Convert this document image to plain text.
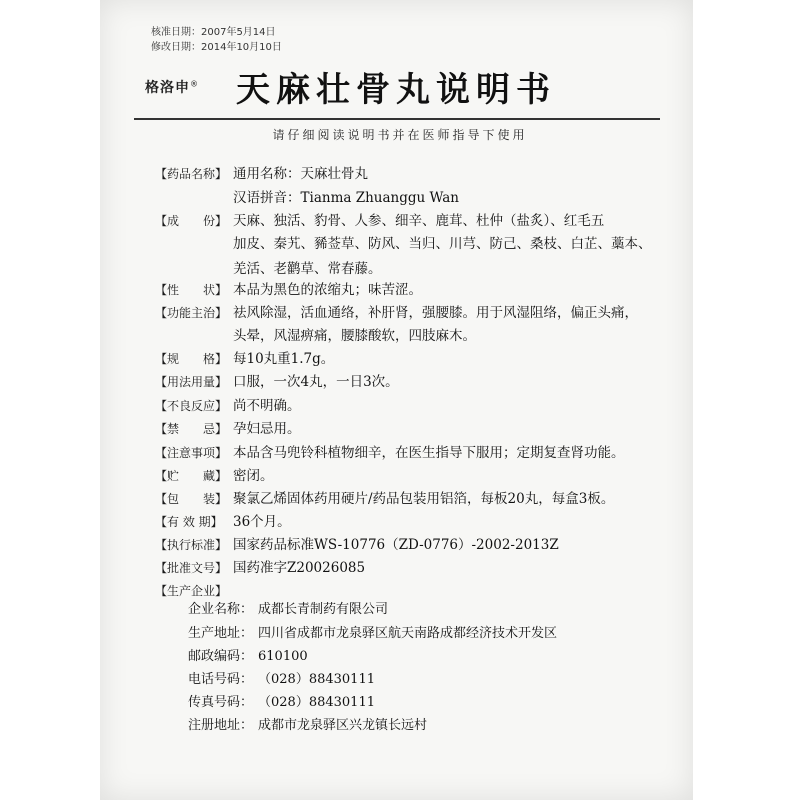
核准日期：2007年5月14日
修改日期：2014年10月10日
格洛申® 天麻壮骨丸说明书
请仔细阅读说明书并在医师指导下使用
【药品名称】 通用名称：天麻壮骨丸
汉语拼音：Tianma Zhuanggu Wan
【成　　份】 天麻、独活、豹骨、人参、细辛、鹿茸、杜仲（盐炙）、红毛五
加皮、秦艽、豨莶草、防风、当归、川芎、防己、桑枝、白芷、藁本、
羌活、老鹳草、常春藤。
【性　　状】 本品为黑色的浓缩丸；味苦涩。
【功能主治】 祛风除湿，活血通络，补肝肾，强腰膝。用于风湿阻络，偏正头痛，
头晕，风湿痹痛，腰膝酸软，四肢麻木。
【规　　格】 每10丸重1.7g。
【用法用量】 口服，一次4丸，一日3次。
【不良反应】 尚不明确。
【禁　　忌】 孕妇忌用。
【注意事项】 本品含马兜铃科植物细辛，在医生指导下服用；定期复查肾功能。
【贮　　藏】 密闭。
【包　　装】 聚氯乙烯固体药用硬片/药品包装用铝箔，每板20丸，每盒3板。
【有 效 期】 36个月。
【执行标准】 国家药品标准WS-10776（ZD-0776）-2002-2013Z
【批准文号】 国药准字Z20026085
【生产企业】
企业名称： 成都长青制药有限公司
生产地址： 四川省成都市龙泉驿区航天南路成都经济技术开发区
邮政编码： 610100
电话号码： （028）88430111
传真号码： （028）88430111
注册地址： 成都市龙泉驿区兴龙镇长远村
